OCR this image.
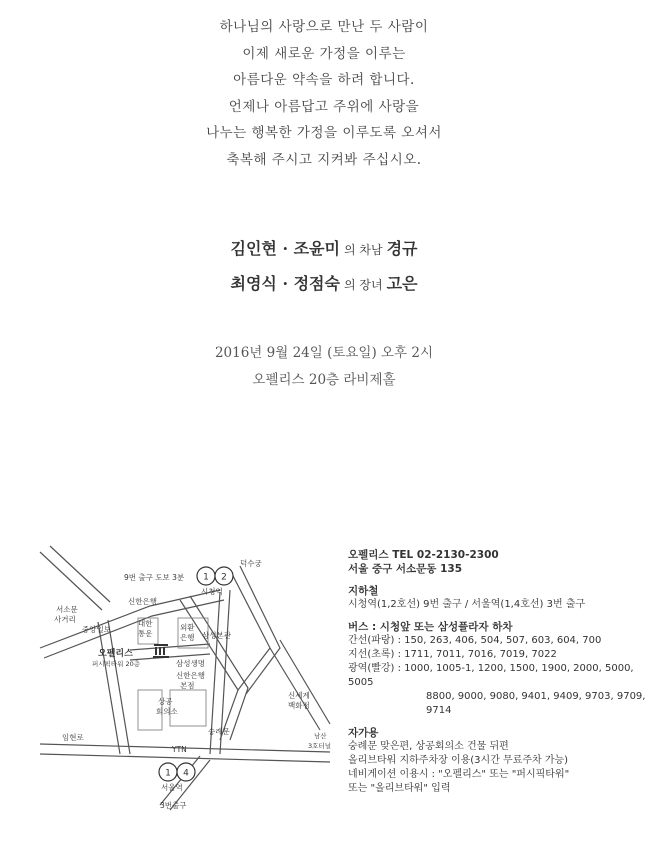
하나님의 사랑으로 만난 두 사람이
이제 새로운 가정을 이루는
아름다운 약속을 하려 합니다.
언제나 아름답고 주위에 사랑을
나누는 행복한 가정을 이루도록 오셔서
축복해 주시고 지켜봐 주십시오.
김인현 · 조윤미 의 차남 경규
최영식 · 정점숙 의 장녀 고은
2016년 9월 24일 (토요일) 오후 2시
오펠리스 20층 라비제홀
1 2
1 4
덕수궁
9번 출구 도보 3분
시청역
신한은행
서소문
사거리
중앙일보
대한
통운
외환
은행 삼성본관
오펠리스
퍼시픽타워 20층	삼성생명
신한은행
본점
상공
회의소
신세계
백화점
남산
3호터널
임현로
숭례문
YTN
서울역
3번출구
오펠리스 TEL 02-2130-2300
서울 중구 서소문동 135
지하철
시청역(1,2호선) 9번 출구 / 서울역(1,4호선) 3번 출구
버스 : 시청앞 또는 삼성플라자 하차
간선(파랑) : 150, 263, 406, 504, 507, 603, 604, 700
지선(초록) : 1711, 7011, 7016, 7019, 7022
광역(빨강) : 1000, 1005-1, 1200, 1500, 1900, 2000, 5000, 5005
8800, 9000, 9080, 9401, 9409, 9703, 9709, 9714
자가용
숭례문 맞은편, 상공회의소 건물 뒤편
올리브타워 지하주차장 이용(3시간 무료주차 가능)
네비게이션 이용시 : "오펠리스" 또는 "퍼시픽타워"
또는 "올리브타워" 입력
